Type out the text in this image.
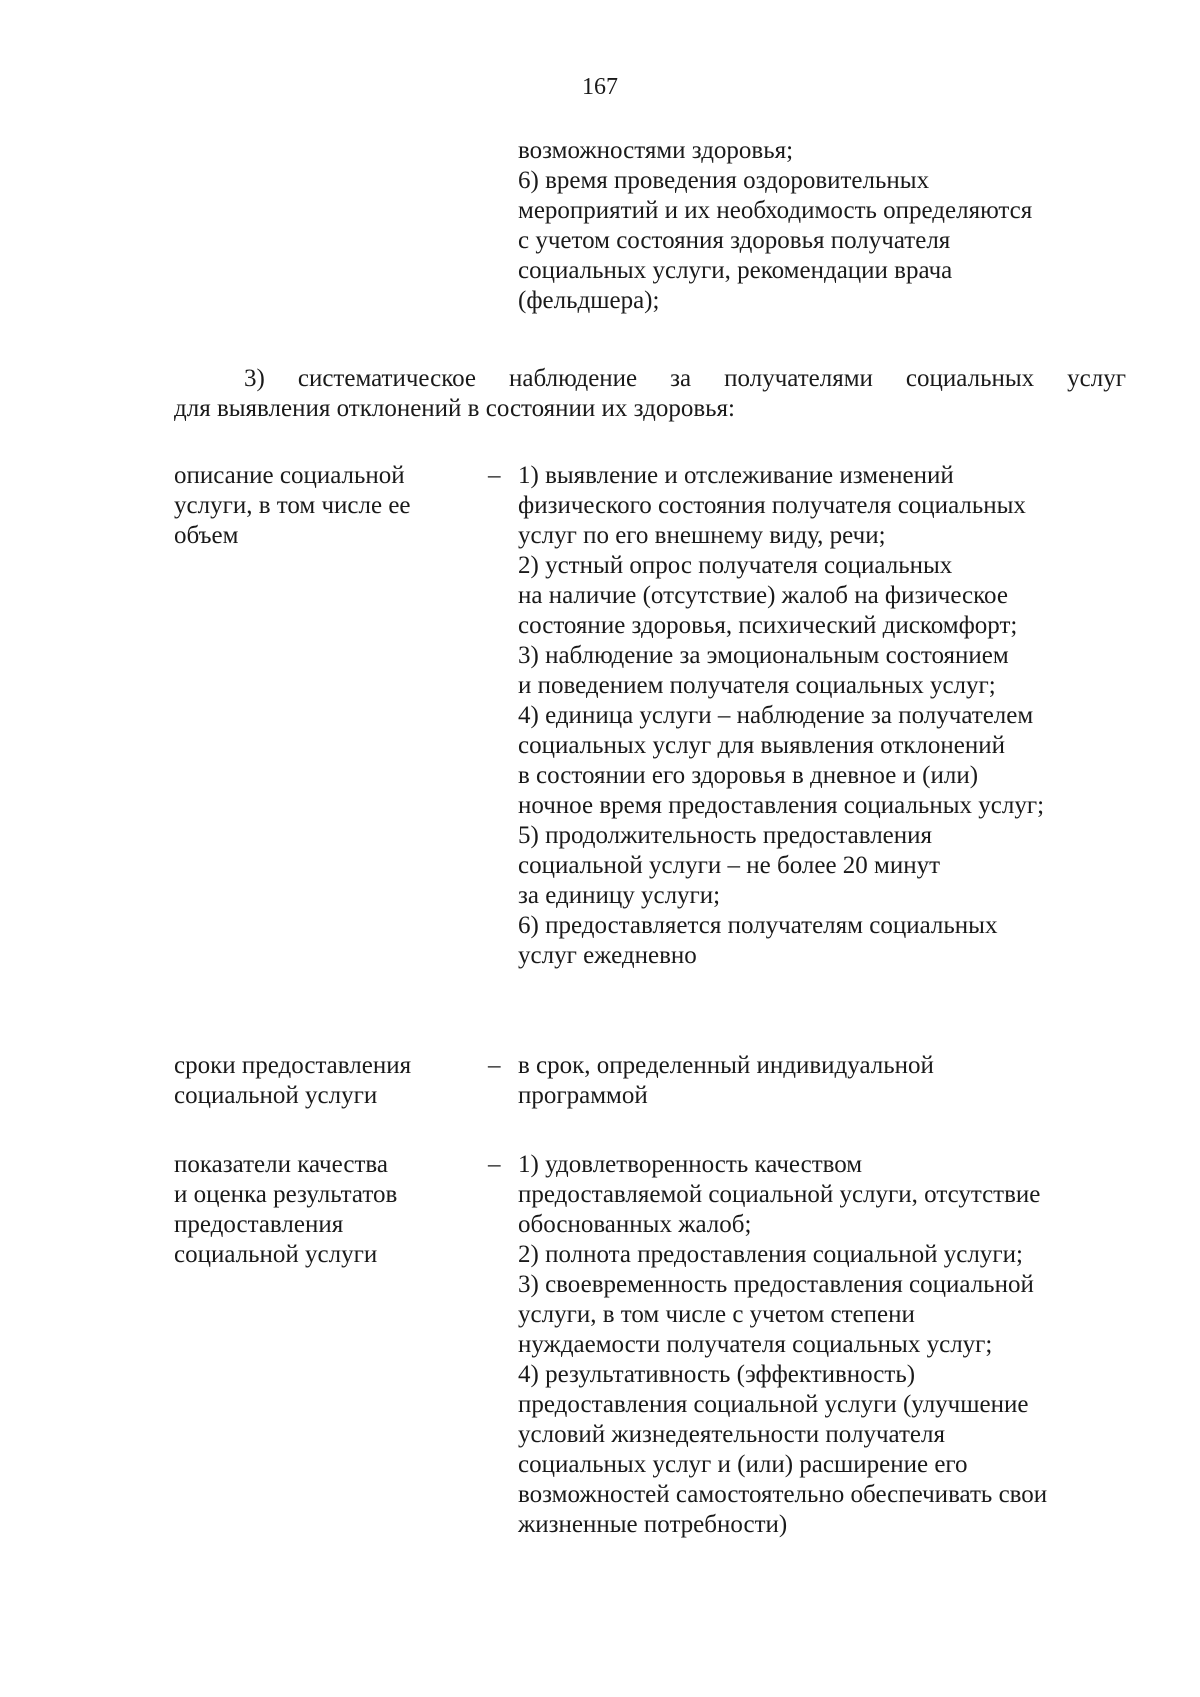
167
возможностями здоровья;
6) время проведения оздоровительных
мероприятий и их необходимость определяются
с учетом состояния здоровья получателя
социальных услуги, рекомендации врача
(фельдшера);
3) систематическое наблюдение за получателями социальных услуг
для выявления отклонений в состоянии их здоровья:
описание социальной
услуги, в том числе ее
объем
– 1) выявление и отслеживание изменений
физического состояния получателя социальных
услуг по его внешнему виду, речи;
2) устный опрос получателя социальных
на наличие (отсутствие) жалоб на физическое
состояние здоровья, психический дискомфорт;
3) наблюдение за эмоциональным состоянием
и поведением получателя социальных услуг;
4) единица услуги – наблюдение за получателем
социальных услуг для выявления отклонений
в состоянии его здоровья в дневное и (или)
ночное время предоставления социальных услуг;
5) продолжительность предоставления
социальной услуги – не более 20 минут
за единицу услуги;
6) предоставляется получателям социальных
услуг ежедневно
сроки предоставления
социальной услуги
– в срок, определенный индивидуальной
программой
показатели качества
и оценка результатов
предоставления
социальной услуги
– 1) удовлетворенность качеством
предоставляемой социальной услуги, отсутствие
обоснованных жалоб;
2) полнота предоставления социальной услуги;
3) своевременность предоставления социальной
услуги, в том числе с учетом степени
нуждаемости получателя социальных услуг;
4) результативность (эффективность)
предоставления социальной услуги (улучшение
условий жизнедеятельности получателя
социальных услуг и (или) расширение его
возможностей самостоятельно обеспечивать свои
жизненные потребности)
